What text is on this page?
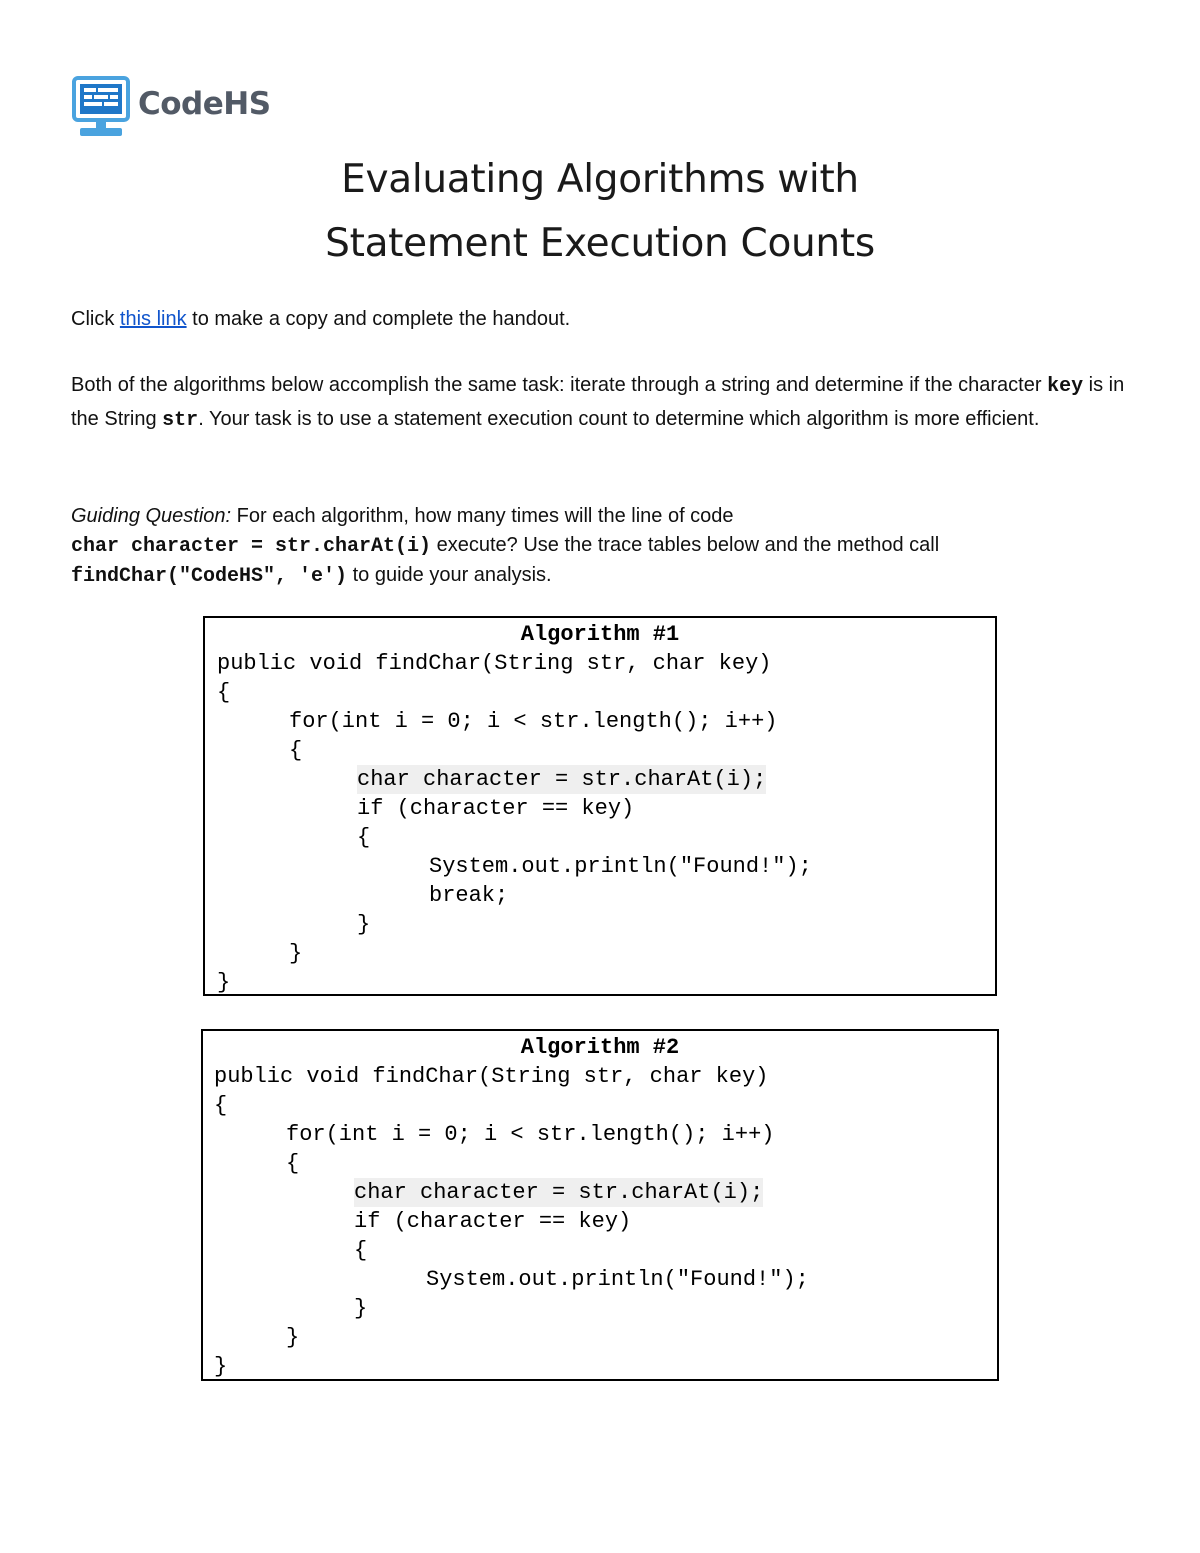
CodeHS
Evaluating Algorithms with
Statement Execution Counts
Click this link to make a copy and complete the handout.
Both of the algorithms below accomplish the same task: iterate through a string and determine if the character key is in the String str. Your task is to use a statement execution count to determine which algorithm is more efficient.
Guiding Question: For each algorithm, how many times will the line of code
char character = str.charAt(i) execute? Use the trace tables below and the method call
findChar("CodeHS", 'e') to guide your analysis.
Algorithm #1
public void findChar(String str, char key)
{
for(int i = 0; i < str.length(); i++)
{
char character = str.charAt(i);
if (character == key)
{
System.out.println("Found!");
break;
}
}
}
Algorithm #2
public void findChar(String str, char key)
{
for(int i = 0; i < str.length(); i++)
{
char character = str.charAt(i);
if (character == key)
{
System.out.println("Found!");
}
}
}
